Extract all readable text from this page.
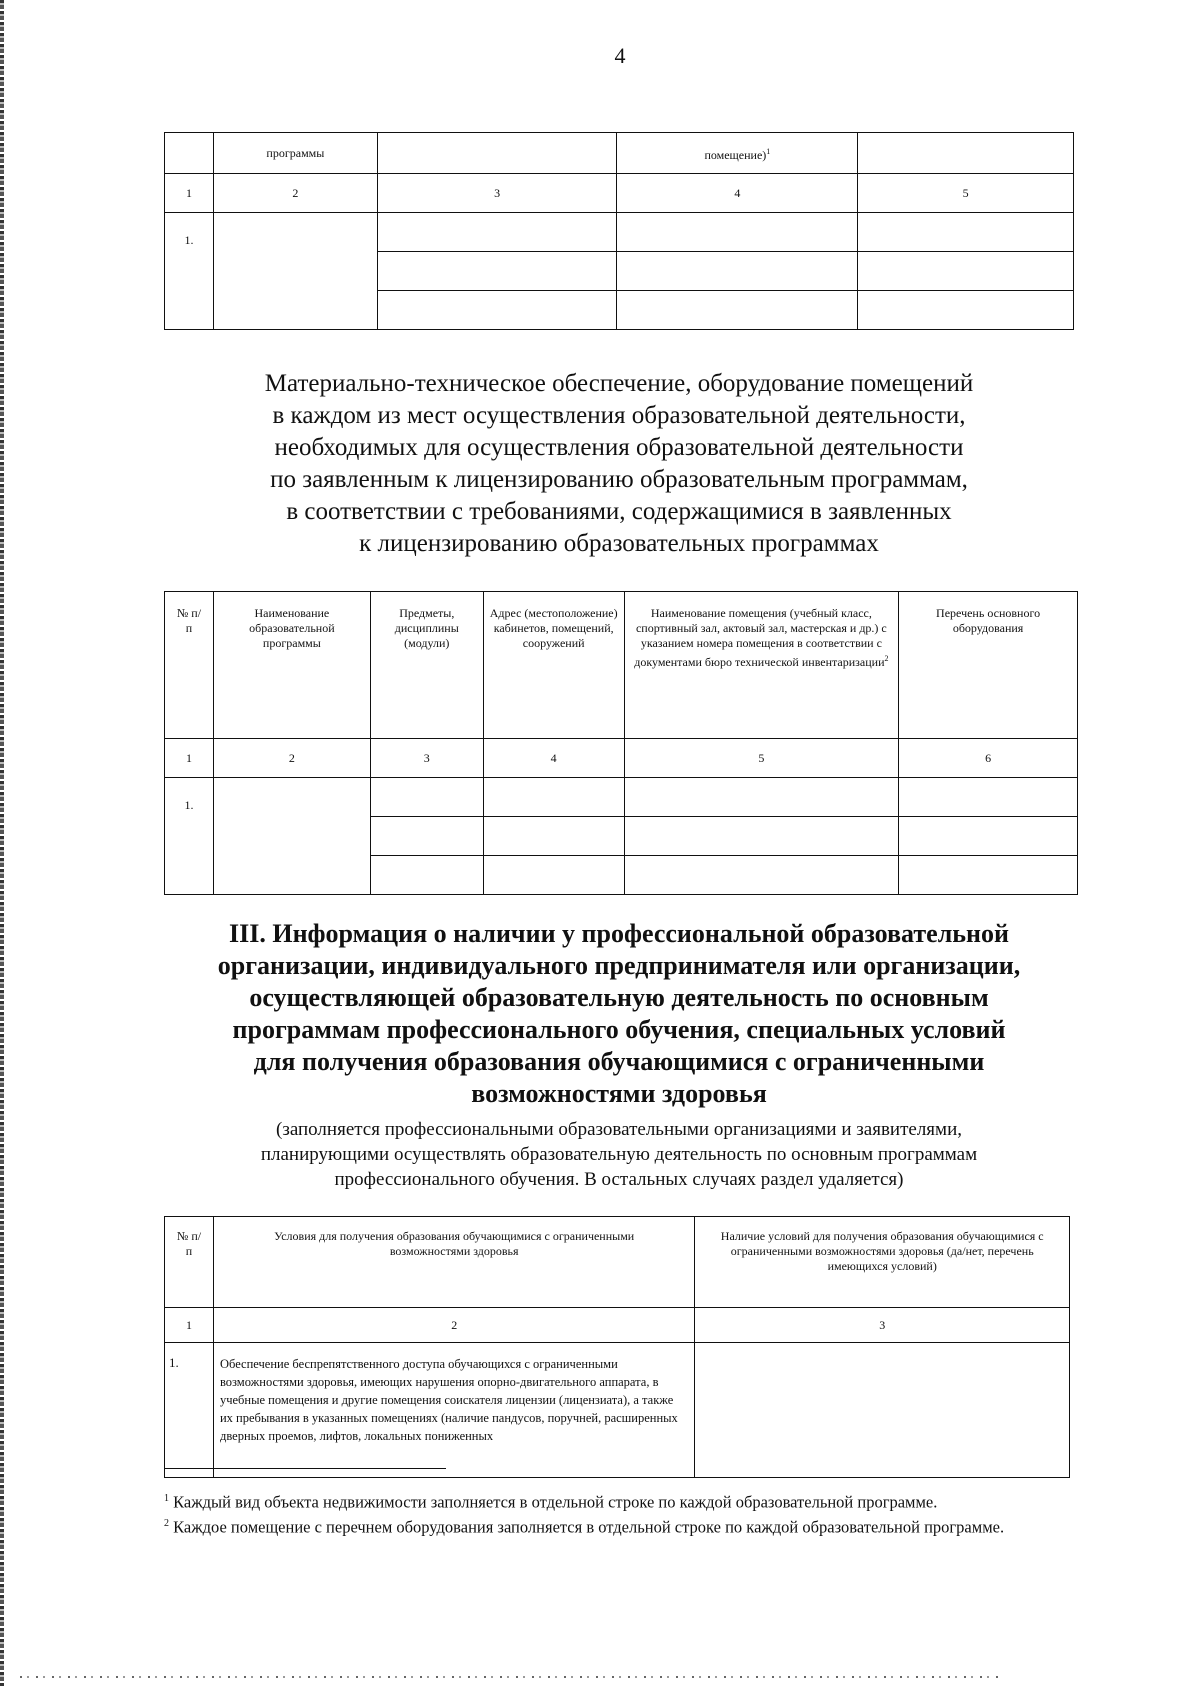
4
	программы		помещение)$^1$	
1	2	3	4	5
1.				

Материально-техническое обеспечение, оборудование помещений
в каждом из мест осуществления образовательной деятельности,
необходимых для осуществления образовательной деятельности
по заявленным к лицензированию образовательным программам,
в соответствии с требованиями, содержащимися в заявленных
к лицензированию образовательных программах
№ п/п	Наименование образовательной программы	Предметы, дисциплины (модули)	Адрес (местоположение) кабинетов, помещений, сооружений	Наименование помещения (учебный класс, спортивный зал, актовый зал, мастерская и др.) с указанием номера помещения в соответствии с документами бюро технической инвентаризации$^2$	Перечень основного оборудования
1	2	3	4	5	6
1.					

III. Информация о наличии у профессиональной образовательной
организации, индивидуального предпринимателя или организации,
осуществляющей образовательную деятельность по основным
программам профессионального обучения, специальных условий
для получения образования обучающимися с ограниченными
возможностями здоровья
(заполняется профессиональными образовательными организациями и заявителями,
планирующими осуществлять образовательную деятельность по основным программам
профессионального обучения. В остальных случаях раздел удаляется)
№ п/п	Условия для получения образования обучающимися с ограниченными возможностями здоровья	Наличие условий для получения образования обучающимися с ограниченными возможностями здоровья (да/нет, перечень имеющихся условий)
1	2	3
1.	Обеспечение беспрепятственного доступа обучающихся с ограниченными возможностями здоровья, имеющих нарушения опорно-двигательного аппарата, в учебные помещения и другие помещения соискателя лицензии (лицензиата), а также их пребывания в указанных помещениях (наличие пандусов, поручней, расширенных дверных проемов, лифтов, локальных пониженных	

$^1$ Каждый вид объекта недвижимости заполняется в отдельной строке по каждой образовательной программе.
$^2$ Каждое помещение с перечнем оборудования заполняется в отдельной строке по каждой образовательной программе.
